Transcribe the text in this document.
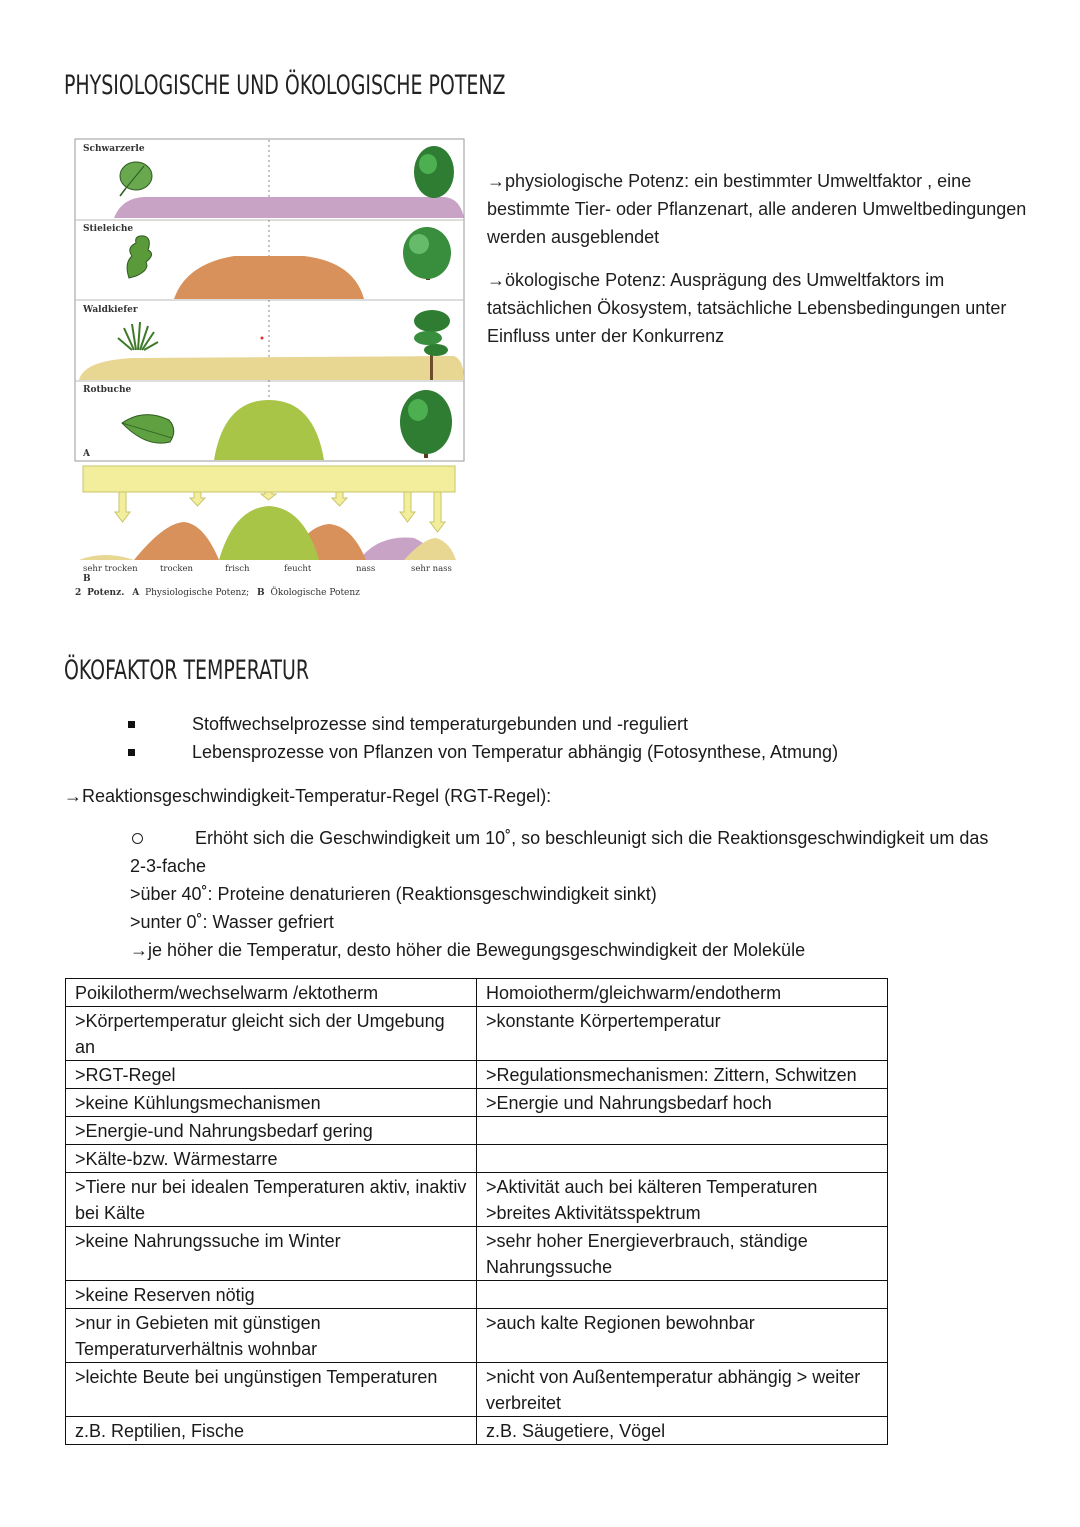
PHYSIOLOGISCHE UND ÖKOLOGISCHE POTENZ
Schwarzerle
Stieleiche
Waldkiefer
Rotbuche
A
sehr trocken	trocken	frisch	feucht	nass	sehr nass
B
2 Potenz. A Physiologische Potenz; B Ökologische Potenz

→physiologische Potenz: ein bestimmter Umweltfaktor , eine bestimmte Tier- oder Pflanzenart, alle anderen Umweltbedingungen werden ausgeblendet

→ökologische Potenz: Ausprägung des Umweltfaktors im tatsächlichen Ökosystem, tatsächliche Lebensbedingungen unter Einfluss unter der Konkurrenz

ÖKOFAKTOR TEMPERATUR
Stoffwechselprozesse sind temperaturgebunden und -reguliert
Lebensprozesse von Pflanzen von Temperatur abhängig (Fotosynthese, Atmung)
→Reaktionsgeschwindigkeit-Temperatur-Regel (RGT-Regel):
Erhöht sich die Geschwindigkeit um 10˚, so beschleunigt sich die Reaktionsgeschwindigkeit um das
2-3-fache
>über 40˚: Proteine denaturieren (Reaktionsgeschwindigkeit sinkt)
>unter 0˚: Wasser gefriert
→je höher die Temperatur, desto höher die Bewegungsgeschwindigkeit der Moleküle
Poikilotherm/wechselwarm /ektotherm	Homoiotherm/gleichwarm/endotherm
>Körpertemperatur gleicht sich der Umgebung an	>konstante Körpertemperatur
>RGT-Regel	>Regulationsmechanismen: Zittern, Schwitzen
>keine Kühlungsmechanismen	>Energie und Nahrungsbedarf hoch
>Energie-und Nahrungsbedarf gering	
>Kälte-bzw. Wärmestarre	
>Tiere nur bei idealen Temperaturen aktiv, inaktiv bei Kälte	>Aktivität auch bei kälteren Temperaturen >breites Aktivitätsspektrum
>keine Nahrungssuche im Winter	>sehr hoher Energieverbrauch, ständige Nahrungssuche
>keine Reserven nötig	
>nur in Gebieten mit günstigen Temperaturverhältnis wohnbar	>auch kalte Regionen bewohnbar
>leichte Beute bei ungünstigen Temperaturen	>nicht von Außentemperatur abhängig > weiter verbreitet
z.B. Reptilien, Fische	z.B. Säugetiere, Vögel
